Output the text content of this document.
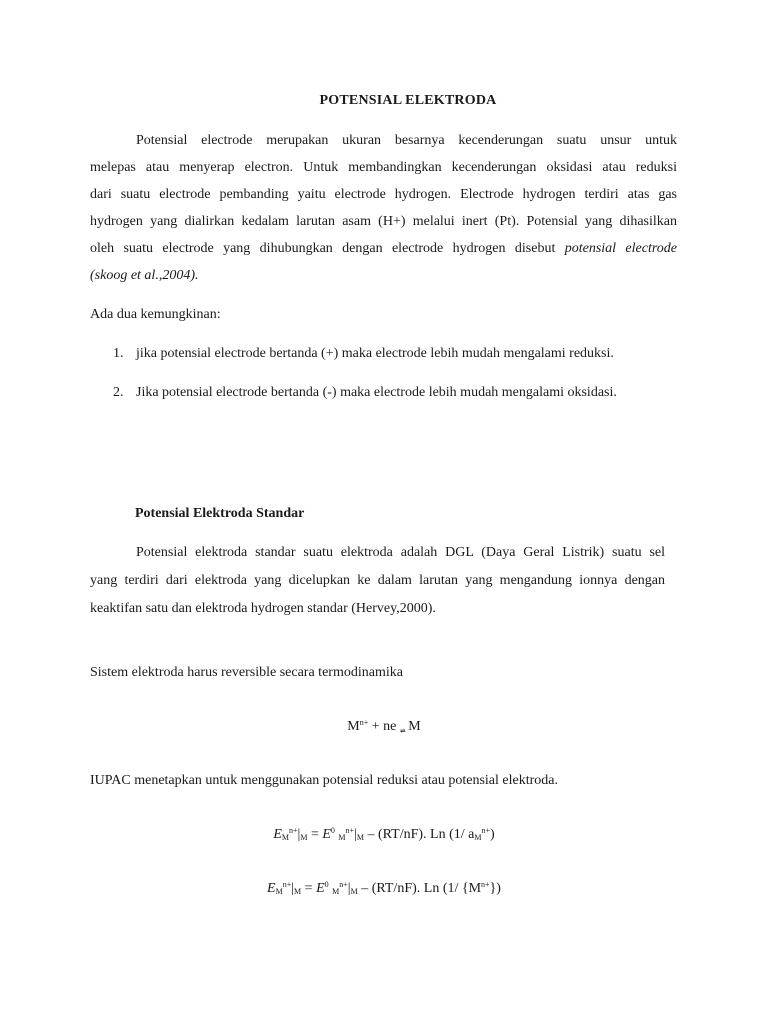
POTENSIAL ELEKTRODA

Potensial electrode merupakan ukuran besarnya kecenderungan suatu unsur untuk
melepas atau menyerap electron. Untuk membandingkan kecenderungan oksidasi atau reduksi
dari suatu electrode pembanding yaitu electrode hydrogen. Electrode hydrogen terdiri atas gas
hydrogen yang dialirkan kedalam larutan asam (H+) melalui inert (Pt). Potensial yang dihasilkan
oleh suatu electrode yang dihubungkan dengan electrode hydrogen disebut potensial electrode
(skoog et al.,2004).

Ada dua kemungkinan:
1. jika potensial electrode bertanda (+) maka electrode lebih mudah mengalami reduksi.
2. Jika potensial electrode bertanda (-) maka electrode lebih mudah mengalami oksidasi.
Potensial Elektroda Standar

Potensial elektroda standar suatu elektroda adalah DGL (Daya Geral Listrik) suatu sel
yang terdiri dari elektroda yang dicelupkan ke dalam larutan yang mengandung ionnya dengan
keaktifan satu dan elektroda hydrogen standar (Hervey,2000).

Sistem elektroda harus reversible secara termodinamika
$M^{n+}$ + ne $_\rightleftharpoons$ M
IUPAC menetapkan untuk menggunakan potensial reduksi atau potensial elektroda.
$E_M^{n+}|_M = E^0$ $_M^{n+}|_M - (RT/nF)$. Ln (1/ $a_M^{n+}$)
$E_M^{n+}|_M = E^0$ $_M^{n+}|_M - (RT/nF)$. Ln (1/ $\{M^{n+}\}$)
